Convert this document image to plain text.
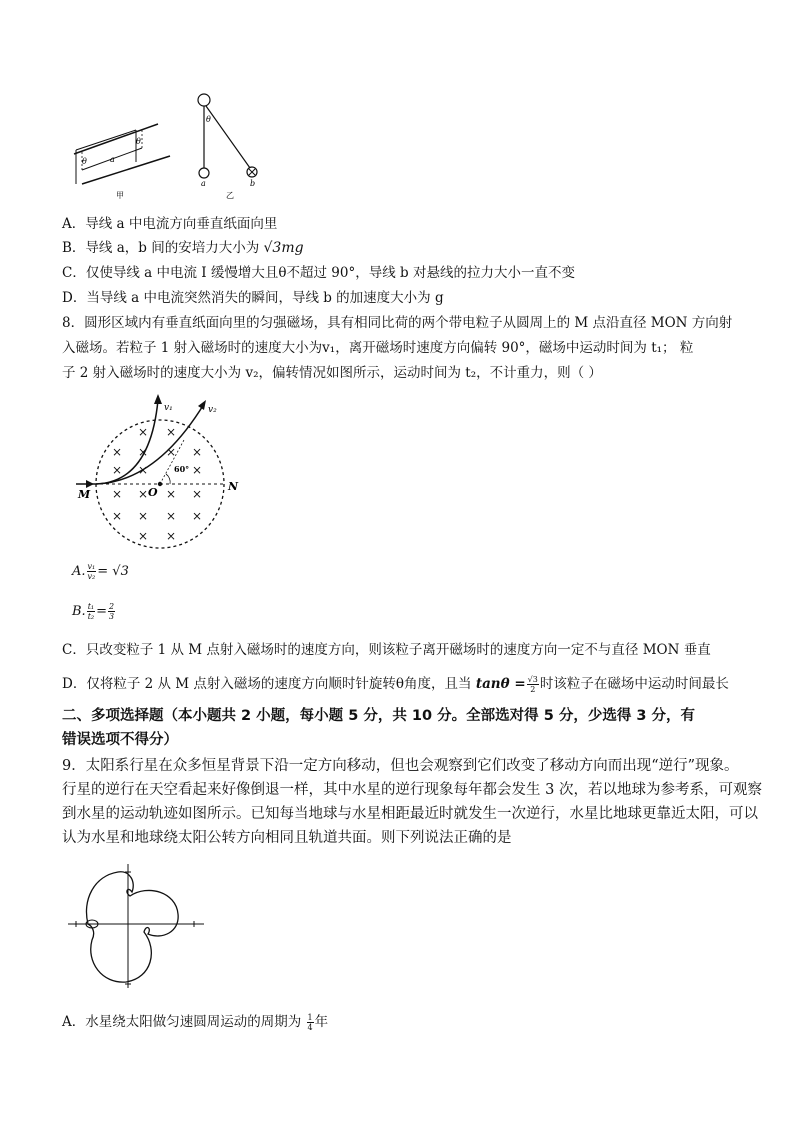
θ
θ
a
甲
θ
a	b
乙
A．导线 a 中电流方向垂直纸面向里
B．导线 a，b 间的安培力大小为 √3mg
C．仅使导线 a 中电流 I 缓慢增大且θ不超过 90°，导线 b 对悬线的拉力大小一直不变
D．当导线 a 中电流突然消失的瞬间，导线 b 的加速度大小为 g
8．圆形区域内有垂直纸面向里的匀强磁场，具有相同比荷的两个带电粒子从圆周上的 M 点沿直径 MON 方向射
入磁场。若粒子 1 射入磁场时的速度大小为v₁，离开磁场时速度方向偏转 90°，磁场中运动时间为 t₁； 粒
子 2 射入磁场时的速度大小为 v₂，偏转情况如图所示，运动时间为 t₂，不计重力，则（ ）
v₁	v₂
M	O	N
60°
× ×
× × × ×
× ×	×
× × × ×
× × × ×
× ×
A. $\frac{\text{v₁}}{\text{v₂}} = √3$
B. $\frac{\text{t₁}}{\text{t₂}} = \frac{2}{3}$
C．只改变粒子 1 从 M 点射入磁场时的速度方向，则该粒子离开磁场时的速度方向一定不与直径 MON 垂直
D．仅将粒子 2 从 M 点射入磁场的速度方向顺时针旋转θ角度，且当 $\tan\theta = \frac{√3}{2}$ 时该粒子在磁场中运动时间最长
二、多项选择题（本小题共 2 小题，每小题 5 分，共 10 分。全部选对得 5 分，少选得 3 分，有
错误选项不得分）
9．太阳系行星在众多恒星背景下沿一定方向移动，但也会观察到它们改变了移动方向而出现“逆行”现象。
行星的逆行在天空看起来好像倒退一样，其中水星的逆行现象每年都会发生 3 次，若以地球为参考系，可观察
到水星的运动轨迹如图所示。已知每当地球与水星相距最近时就发生一次逆行，水星比地球更靠近太阳，可以
认为水星和地球绕太阳公转方向相同且轨道共面。则下列说法正确的是
A．水星绕太阳做匀速圆周运动的周期为 $\frac{1}{4}$ 年
